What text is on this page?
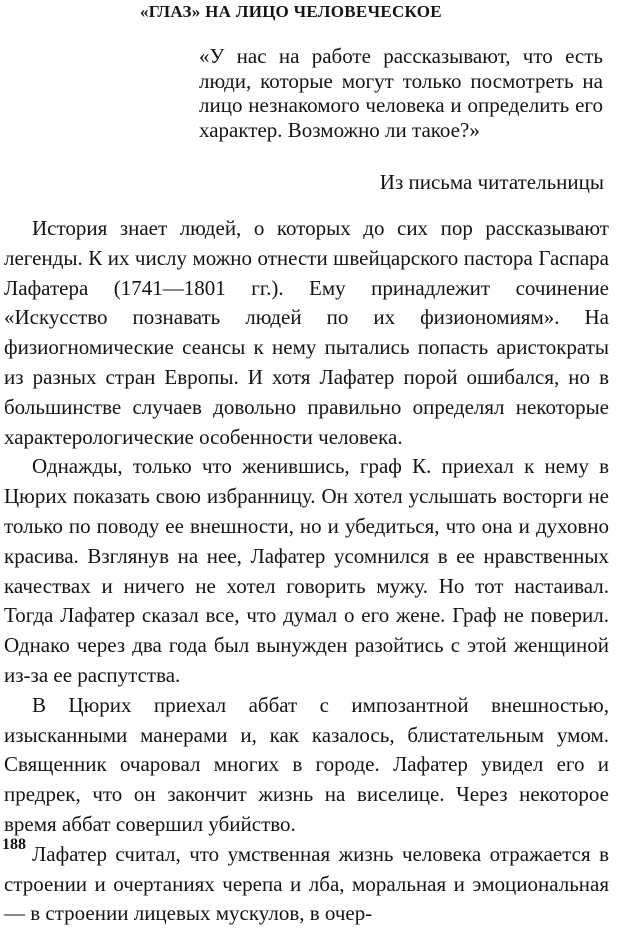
«ГЛАЗ» НА ЛИЦО ЧЕЛОВЕЧЕСКОЕ
«У нас на работе рассказывают, что есть люди, которые могут только посмотреть на лицо незнакомого человека и определить его характер. Возможно ли такое?»
Из письма читательницы

История знает людей, о которых до сих пор рассказывают легенды. К их числу можно отнести швейцарского пастора Гаспара Лафатера (1741—1801 гг.). Ему принадлежит сочинение «Искусство познавать людей по их физиономиям». На физиогномические сеансы к нему пытались попасть аристократы из разных стран Европы. И хотя Лафатер порой ошибался, но в большинстве случаев довольно правильно определял некоторые характерологические особенности человека.

Однажды, только что женившись, граф К. приехал к нему в Цюрих показать свою избранницу. Он хотел услышать восторги не только по поводу ее внешности, но и убедиться, что она и духовно красива. Взглянув на нее, Лафатер усомнился в ее нравственных качествах и ничего не хотел говорить мужу. Но тот настаивал. Тогда Лафатер сказал все, что думал о его жене. Граф не поверил. Однако через два года был вынужден разойтись с этой женщиной из-за ее распутства.

В Цюрих приехал аббат с импозантной внешностью, изысканными манерами и, как казалось, блистательным умом. Священник очаровал многих в городе. Лафатер увидел его и предрек, что он закончит жизнь на виселице. Через некоторое время аббат совершил убийство.

Лафатер считал, что умственная жизнь человека отражается в строении и очертаниях черепа и лба, моральная и эмоциональная — в строении лицевых мускулов, в очер-

188
